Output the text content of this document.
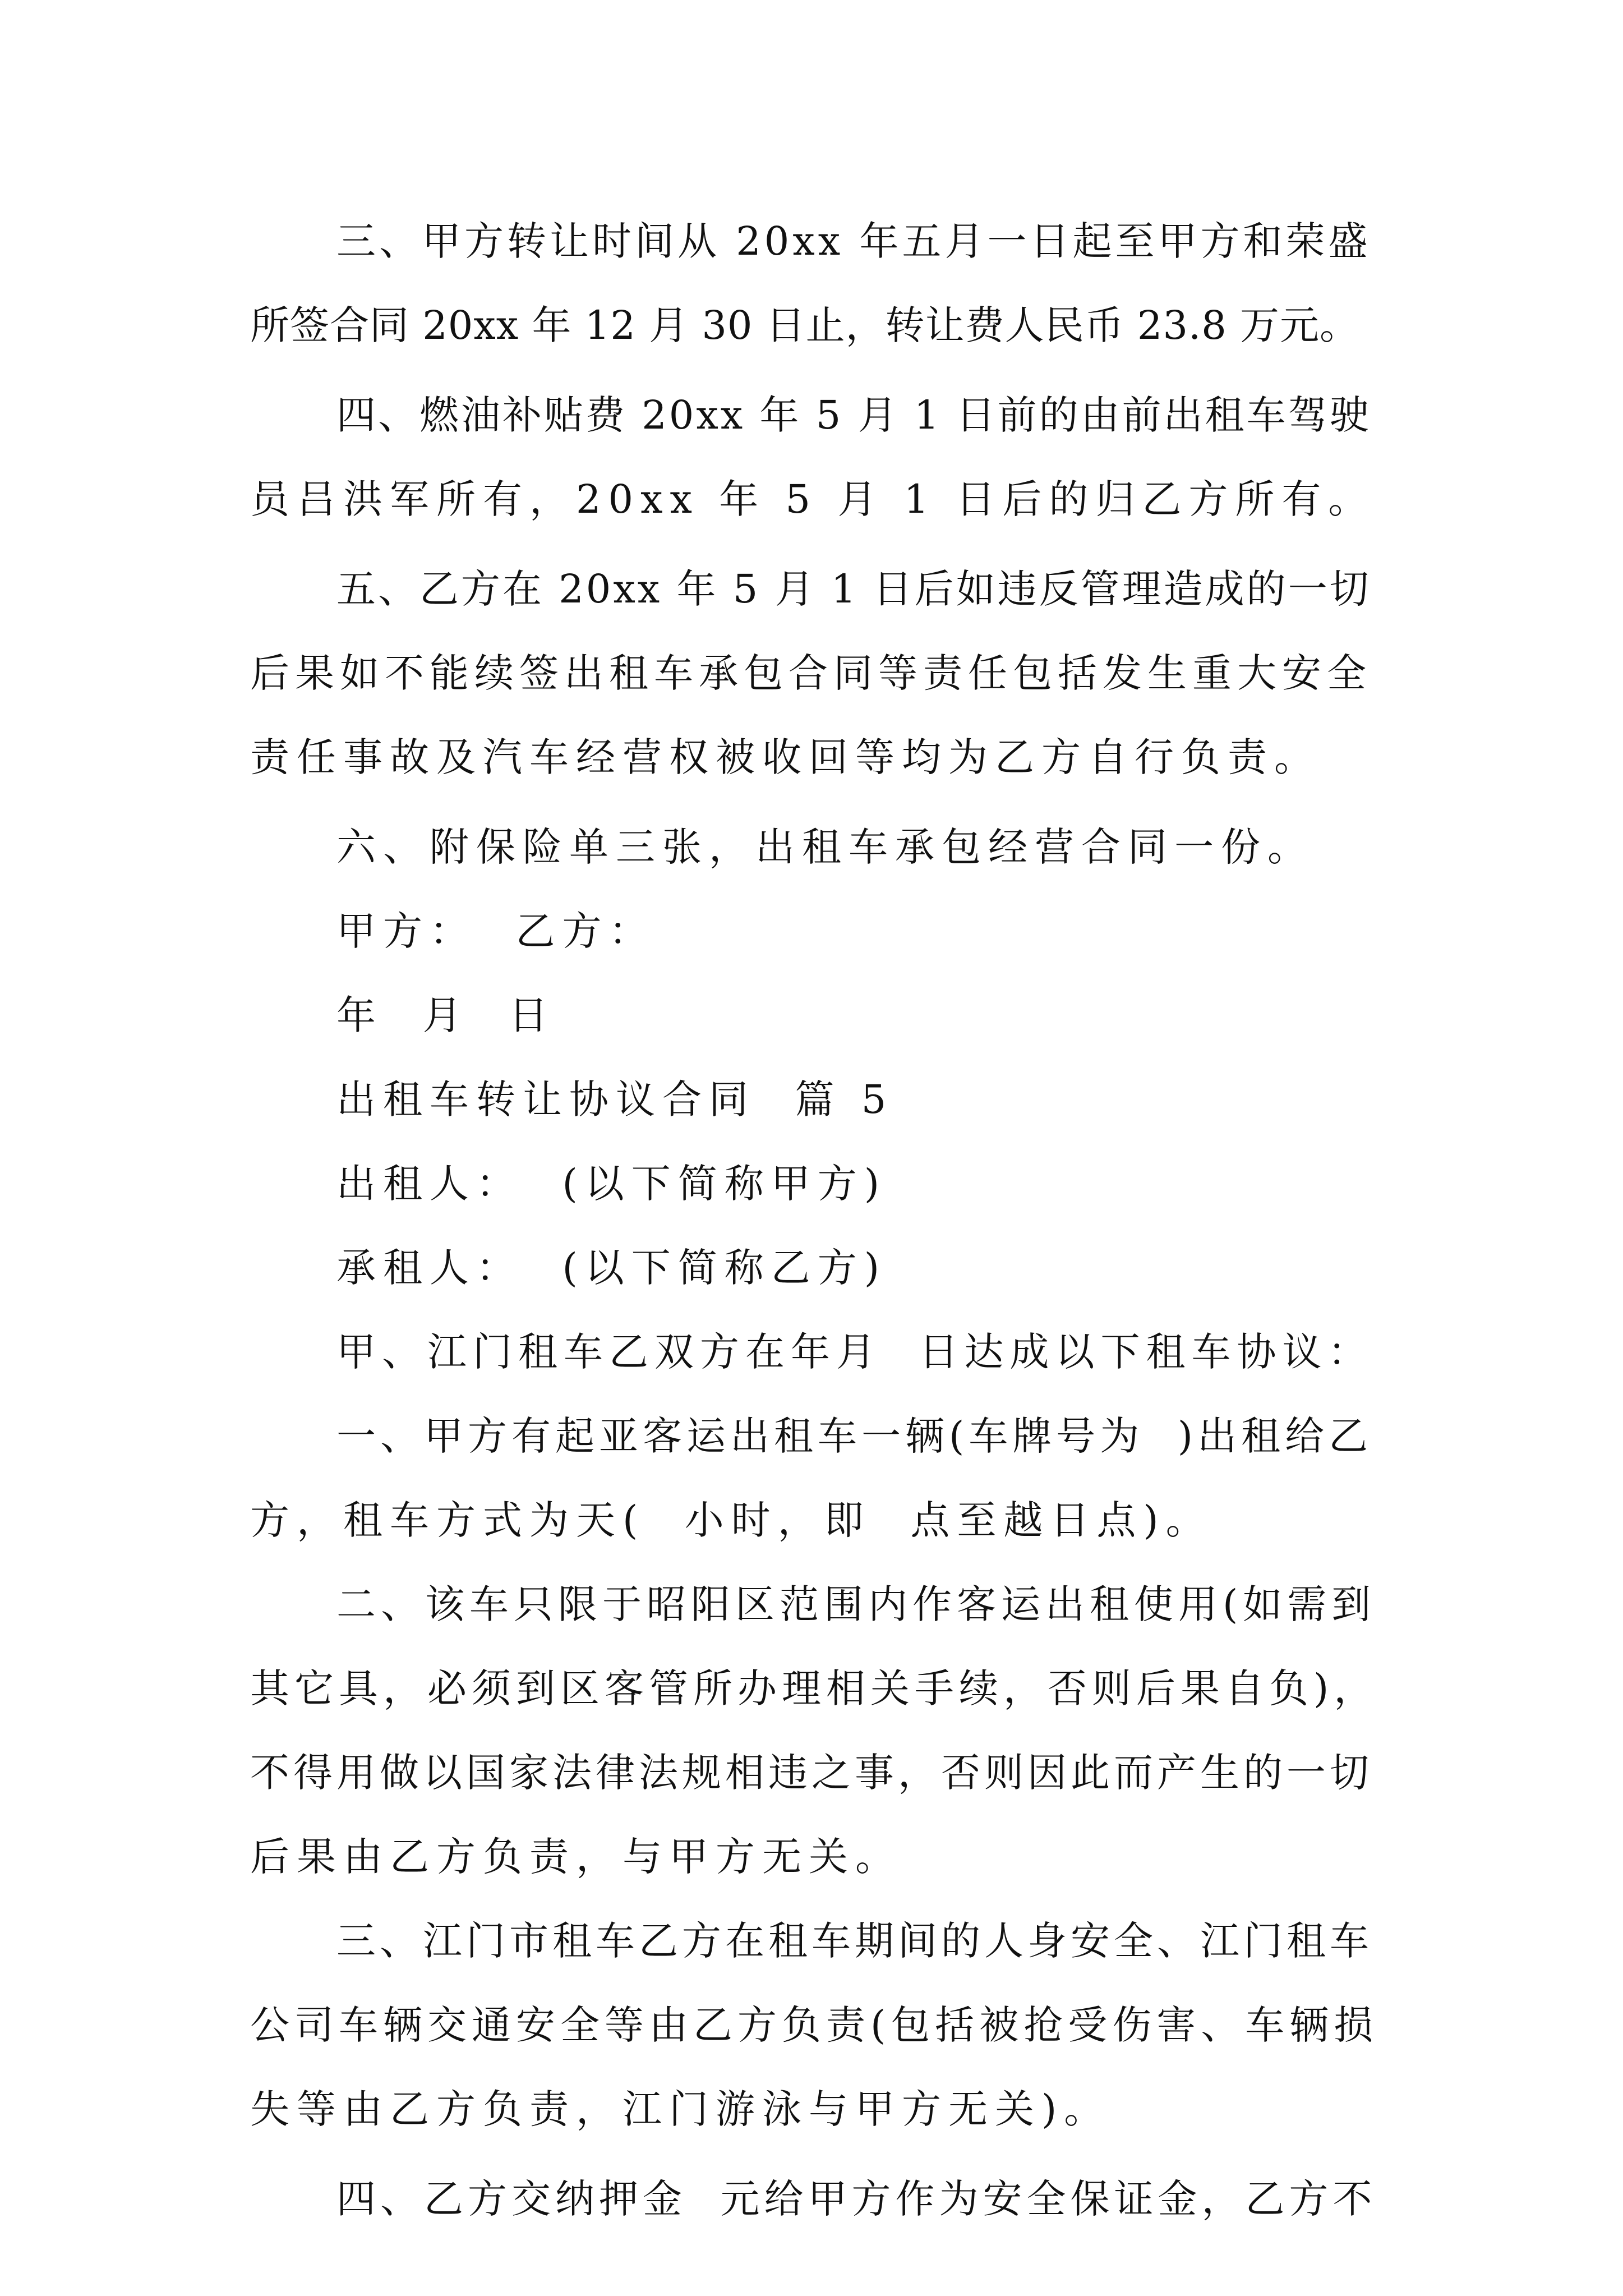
三、甲方转让时间从 20xx 年五月一日起至甲方和荣盛

所签合同 20xx 年 12 月 30 日止，转让费人民币 23.8 万元。

四、燃油补贴费 20xx 年 5 月 1 日前的由前出租车驾驶

员吕洪军所有，20xx 年 5 月 1 日后的归乙方所有。

五、乙方在 20xx 年 5 月 1 日后如违反管理造成的一切

后果如不能续签出租车承包合同等责任包括发生重大安全

责任事故及汽车经营权被收回等均为乙方自行负责。

六、附保险单三张，出租车承包经营合同一份。

甲方：  乙方：

年  月  日

出租车转让协议合同  篇 5

出租人：  (以下简称甲方)

承租人：  (以下简称乙方)

甲、江门租车乙双方在年月  日达成以下租车协议：

一、甲方有起亚客运出租车一辆(车牌号为  )出租给乙

方，租车方式为天(  小时，即  点至越日点)。

二、该车只限于昭阳区范围内作客运出租使用(如需到

其它具，必须到区客管所办理相关手续，否则后果自负)，

不得用做以国家法律法规相违之事，否则因此而产生的一切

后果由乙方负责，与甲方无关。

三、江门市租车乙方在租车期间的人身安全、江门租车

公司车辆交通安全等由乙方负责(包括被抢受伤害、车辆损

失等由乙方负责，江门游泳与甲方无关)。

四、乙方交纳押金  元给甲方作为安全保证金，乙方不
